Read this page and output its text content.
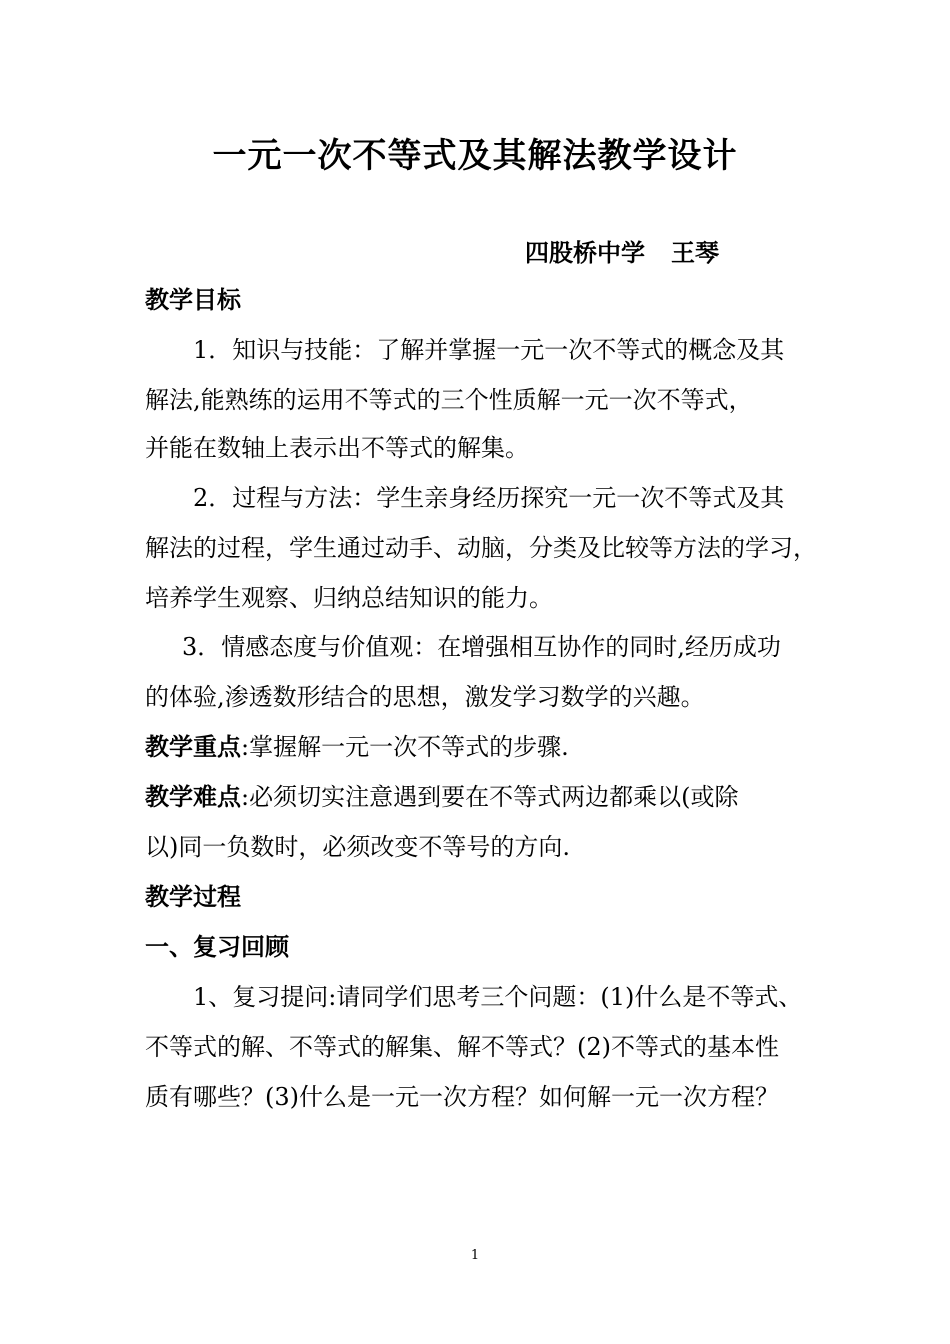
一元一次不等式及其解法教学设计
四股桥中学 王琴
教学目标
1．知识与技能：了解并掌握一元一次不等式的概念及其
解法,能熟练的运用不等式的三个性质解一元一次不等式，
并能在数轴上表示出不等式的解集。
2．过程与方法：学生亲身经历探究一元一次不等式及其
解法的过程，学生通过动手、动脑，分类及比较等方法的学习，
培养学生观察、归纳总结知识的能力。
3．情感态度与价值观：在增强相互协作的同时,经历成功
的体验,渗透数形结合的思想，激发学习数学的兴趣。
教学重点:掌握解一元一次不等式的步骤.
教学难点:必须切实注意遇到要在不等式两边都乘以(或除
以)同一负数时，必须改变不等号的方向.
教学过程
一、复习回顾
1、复习提问:请同学们思考三个问题：(1)什么是不等式、
不等式的解、不等式的解集、解不等式？(2)不等式的基本性
质有哪些？(3)什么是一元一次方程？如何解一元一次方程？
1
